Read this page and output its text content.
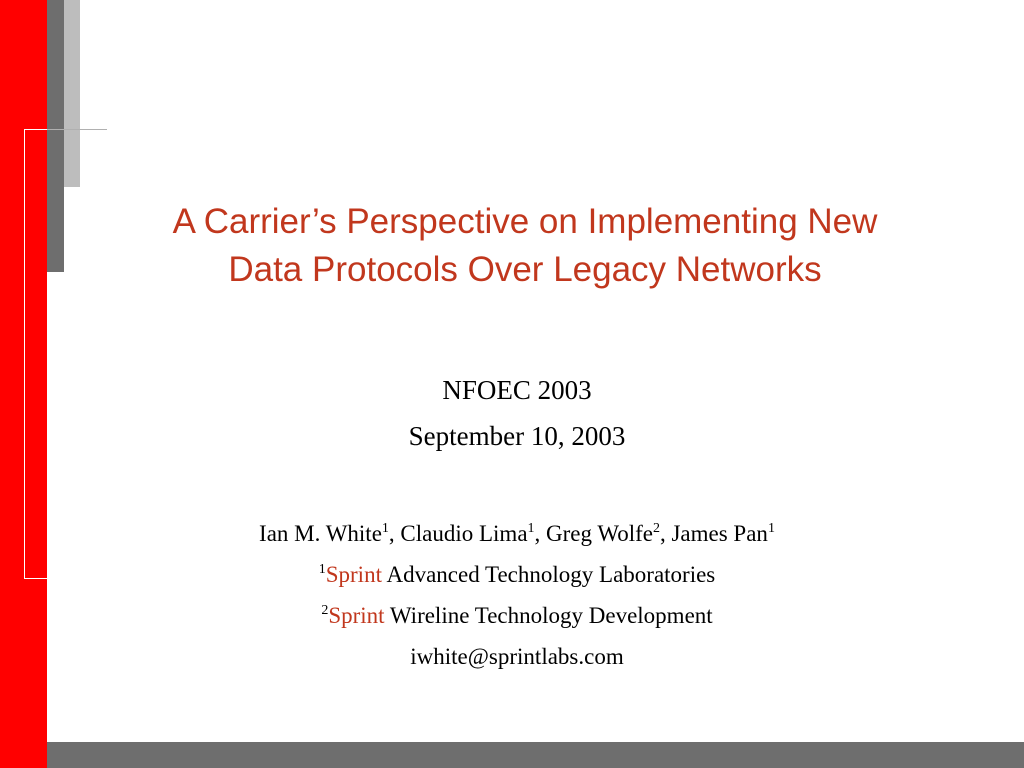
A Carrier’s Perspective on Implementing New
Data Protocols Over Legacy Networks
NFOEC 2003
September 10, 2003
Ian M. White$^1$, Claudio Lima$^1$, Greg Wolfe$^2$, James Pan$^1$
$^1$Sprint Advanced Technology Laboratories
$^2$Sprint Wireline Technology Development
iwhite@sprintlabs.com
